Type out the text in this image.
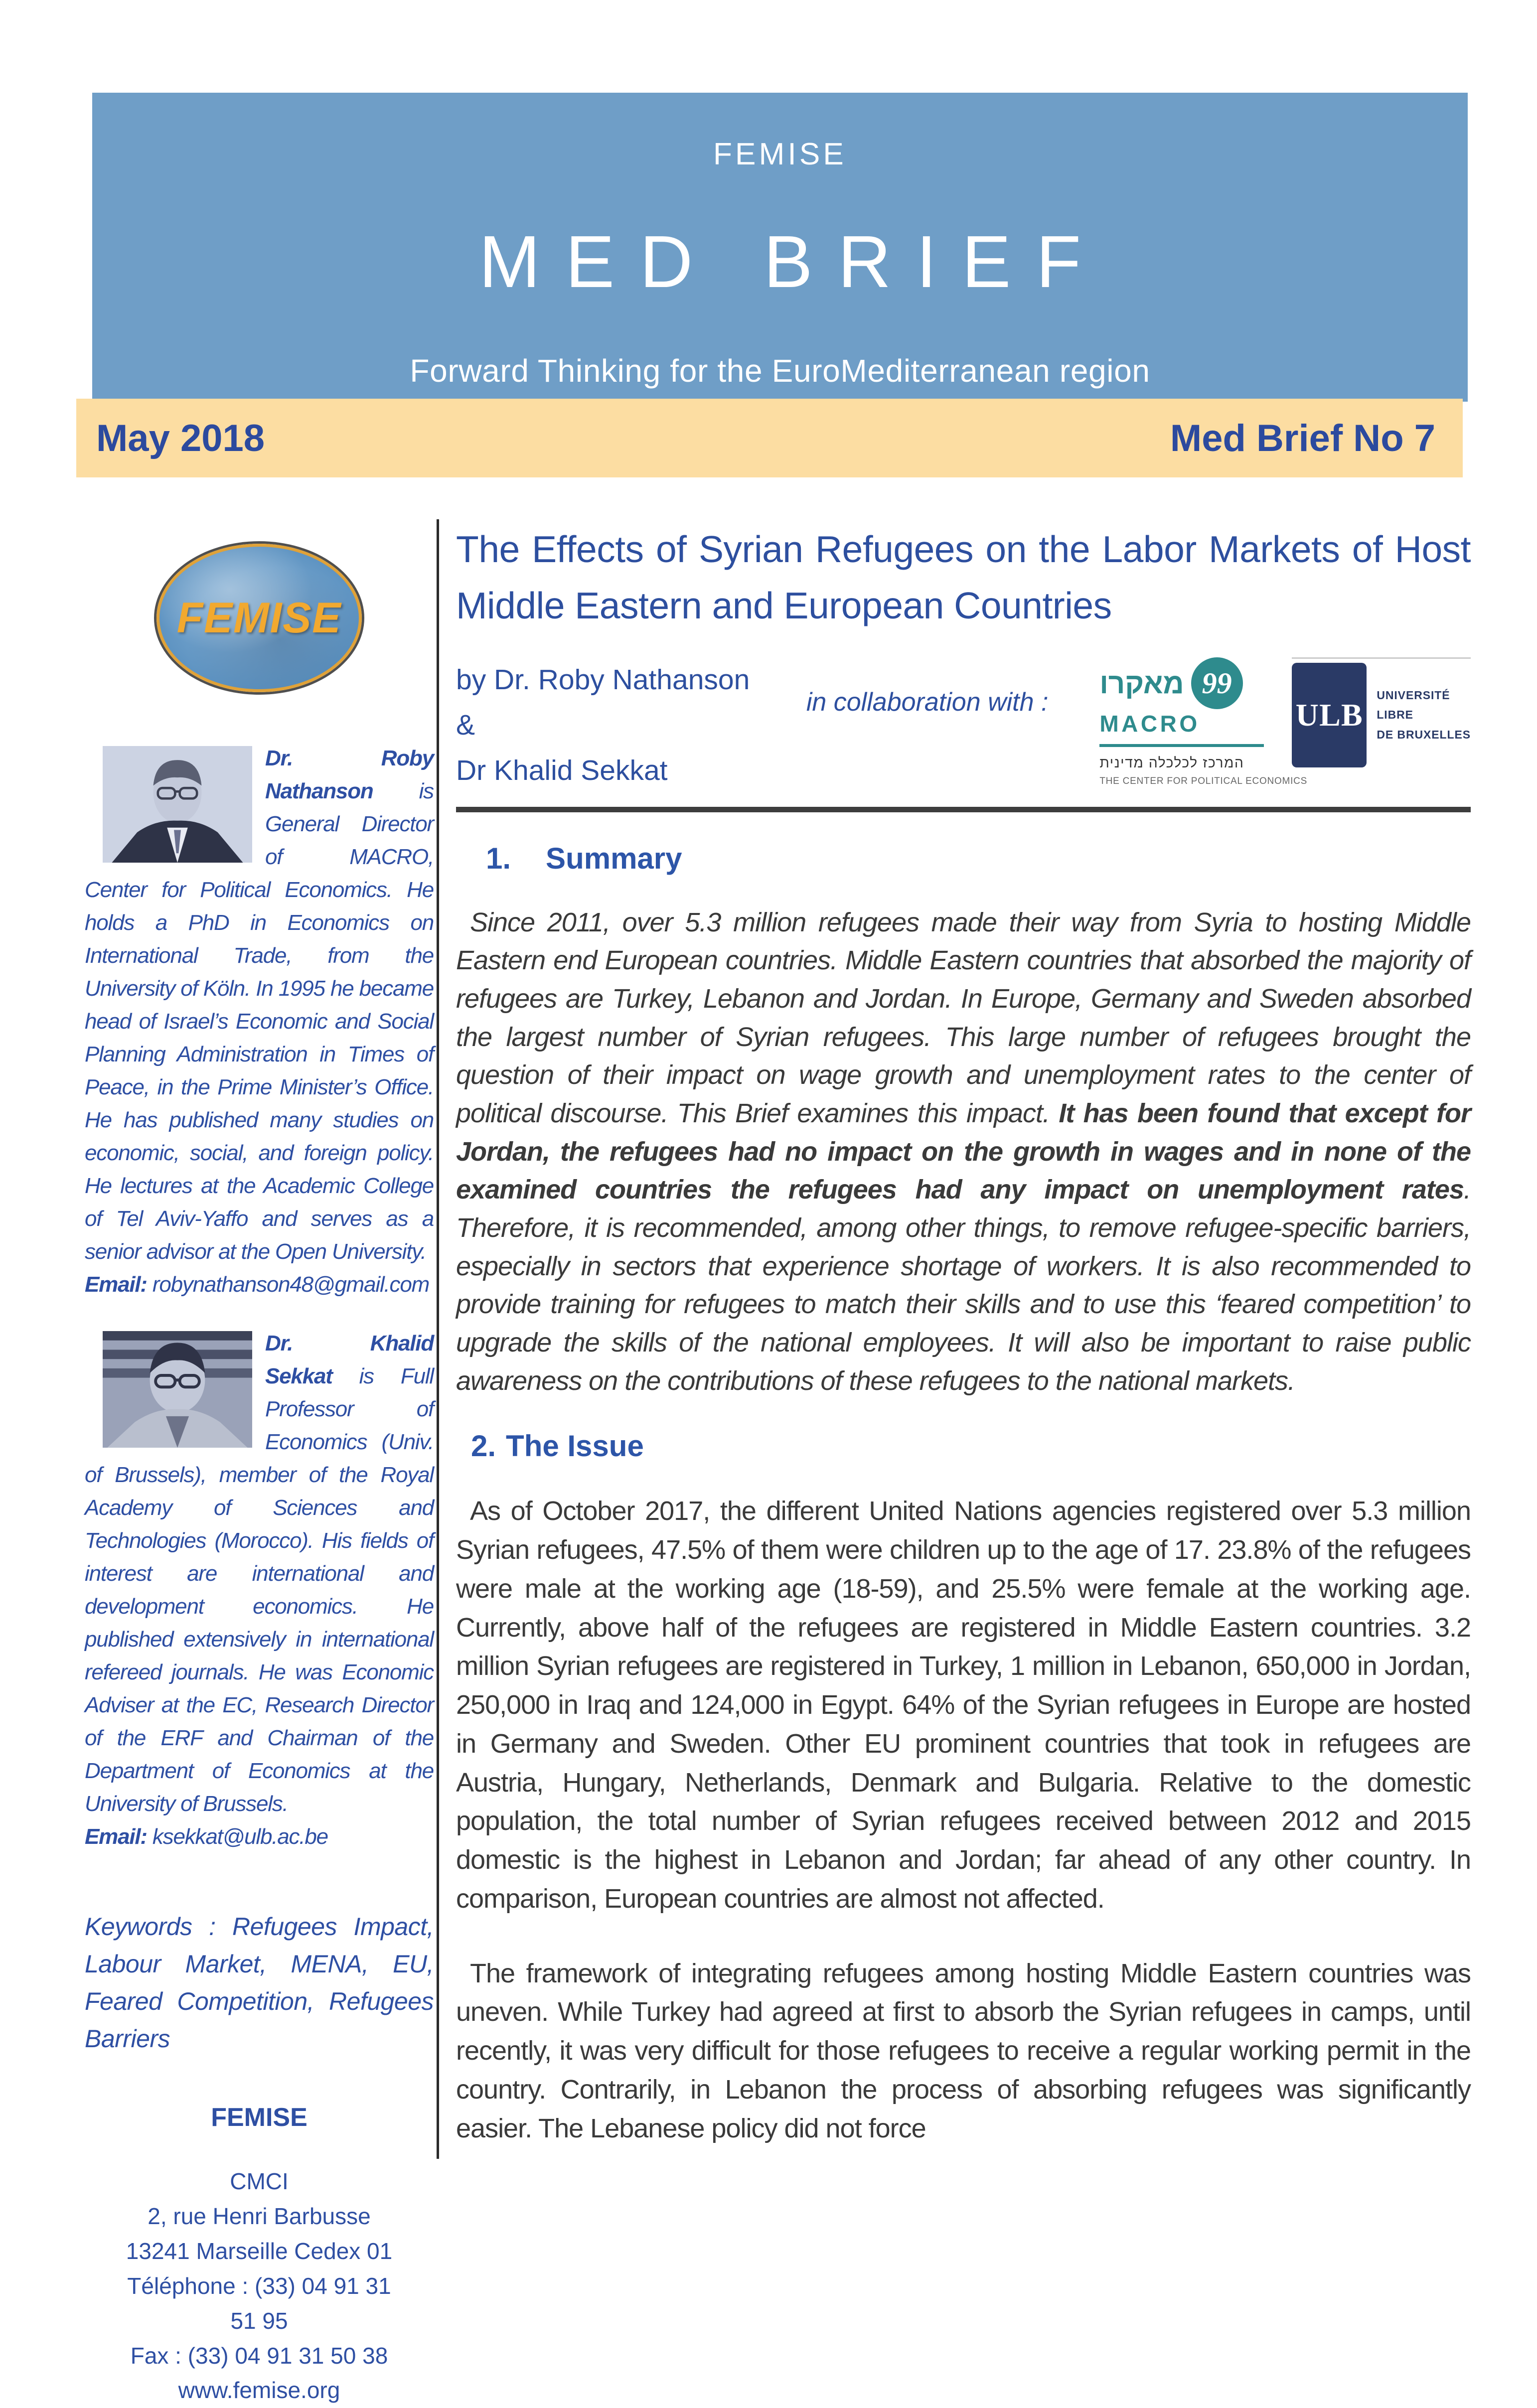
FEMISE
MED BRIEF
Forward Thinking for the EuroMediterranean region
May 2018	Med Brief No 7
FEMISE

Dr. Roby Nathanson is General Director of MACRO, Center for Political Economics. He holds a PhD in Economics on International Trade, from the University of Köln. In 1995 he became head of Israel’s Economic and Social Planning Administration in Times of Peace, in the Prime Minister’s Office. He has published many studies on economic, social, and foreign policy. He lectures at the Academic College of Tel Aviv-Yaffo and serves as a senior advisor at the Open University.

Email: robynathanson48@gmail.com

Dr. Khalid Sekkat is Full Professor of Economics (Univ. of Brussels), member of the Royal Academy of Sciences and Technologies (Morocco). His fields of interest are international and development economics. He published extensively in international refereed journals. He was Economic Adviser at the EC, Research Director of the ERF and Chairman of the Department of Economics at the University of Brussels.

Email: ksekkat@ulb.ac.be

Keywords : Refugees Impact, Labour Market, MENA, EU, Feared Competition, Refugees Barriers

FEMISE
CMCI
2, rue Henri Barbusse
13241 Marseille Cedex 01
Téléphone : (33) 04 91 31
51 95
Fax : (33) 04 91 31 50 38
www.femise.org
The Effects of Syrian Refugees on the Labor Markets of Host Middle Eastern and European Countries
by Dr. Roby Nathanson &
Dr Khalid Sekkat
in collaboration with :
מאקרו 99
MACRO
המרכז לכלכלה מדינית
THE CENTER FOR POLITICAL ECONOMICS
ULB
UNIVERSITÉ
LIBRE
DE BRUXELLES
1. Summary

Since 2011, over 5.3 million refugees made their way from Syria to hosting Middle Eastern end European countries. Middle Eastern countries that absorbed the majority of refugees are Turkey, Lebanon and Jordan. In Europe, Germany and Sweden absorbed the largest number of Syrian refugees. This large number of refugees brought the question of their impact on wage growth and unemployment rates to the center of political discourse. This Brief examines this impact. It has been found that except for Jordan, the refugees had no impact on the growth in wages and in none of the examined countries the refugees had any impact on unemployment rates. Therefore, it is recommended, among other things, to remove refugee-specific barriers, especially in sectors that experience shortage of workers. It is also recommended to provide training for refugees to match their skills and to use this ‘feared competition’ to upgrade the skills of the national employees. It will also be important to raise public awareness on the contributions of these refugees to the national markets.

2. The Issue

As of October 2017, the different United Nations agencies registered over 5.3 million Syrian refugees, 47.5% of them were children up to the age of 17. 23.8% of the refugees were male at the working age (18-59), and 25.5% were female at the working age. Currently, above half of the refugees are registered in Middle Eastern countries. 3.2 million Syrian refugees are registered in Turkey, 1 million in Lebanon, 650,000 in Jordan, 250,000 in Iraq and 124,000 in Egypt. 64% of the Syrian refugees in Europe are hosted in Germany and Sweden. Other EU prominent countries that took in refugees are Austria, Hungary, Netherlands, Denmark and Bulgaria. Relative to the domestic population, the total number of Syrian refugees received between 2012 and 2015 domestic is the highest in Lebanon and Jordan; far ahead of any other country. In comparison, European countries are almost not affected.

The framework of integrating refugees among hosting Middle Eastern countries was uneven. While Turkey had agreed at first to absorb the Syrian refugees in camps, until recently, it was very difficult for those refugees to receive a regular working permit in the country. Contrarily, in Lebanon the process of absorbing refugees was significantly easier. The Lebanese policy did not force
